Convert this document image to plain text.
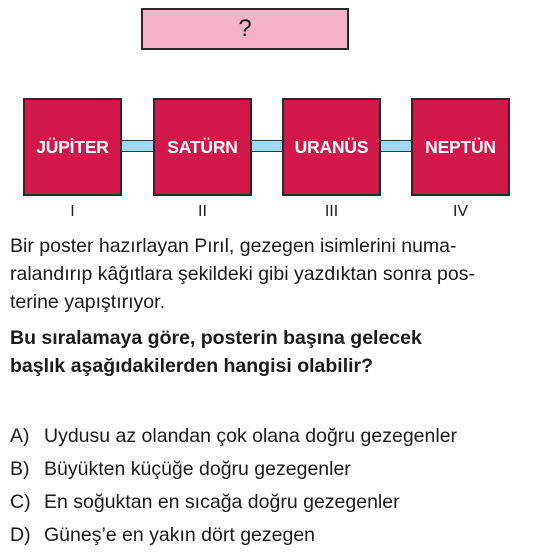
?
JÜPİTER	SATÜRN	URANÜS	NEPTÜN
I	II	III	IV

Bir poster hazırlayan Pırıl, gezegen isimlerini numa-
ralandırıp kâğıtlara şekildeki gibi yazdıktan sonra pos-
terine yapıştırıyor.

Bu sıralamaya göre, posterin başına gelecek
başlık aşağıdakilerden hangisi olabilir?

A) Uydusu az olandan çok olana doğru gezegenler
B) Büyükten küçüğe doğru gezegenler
C) En soğuktan en sıcağa doğru gezegenler
D) Güneş’e en yakın dört gezegen
